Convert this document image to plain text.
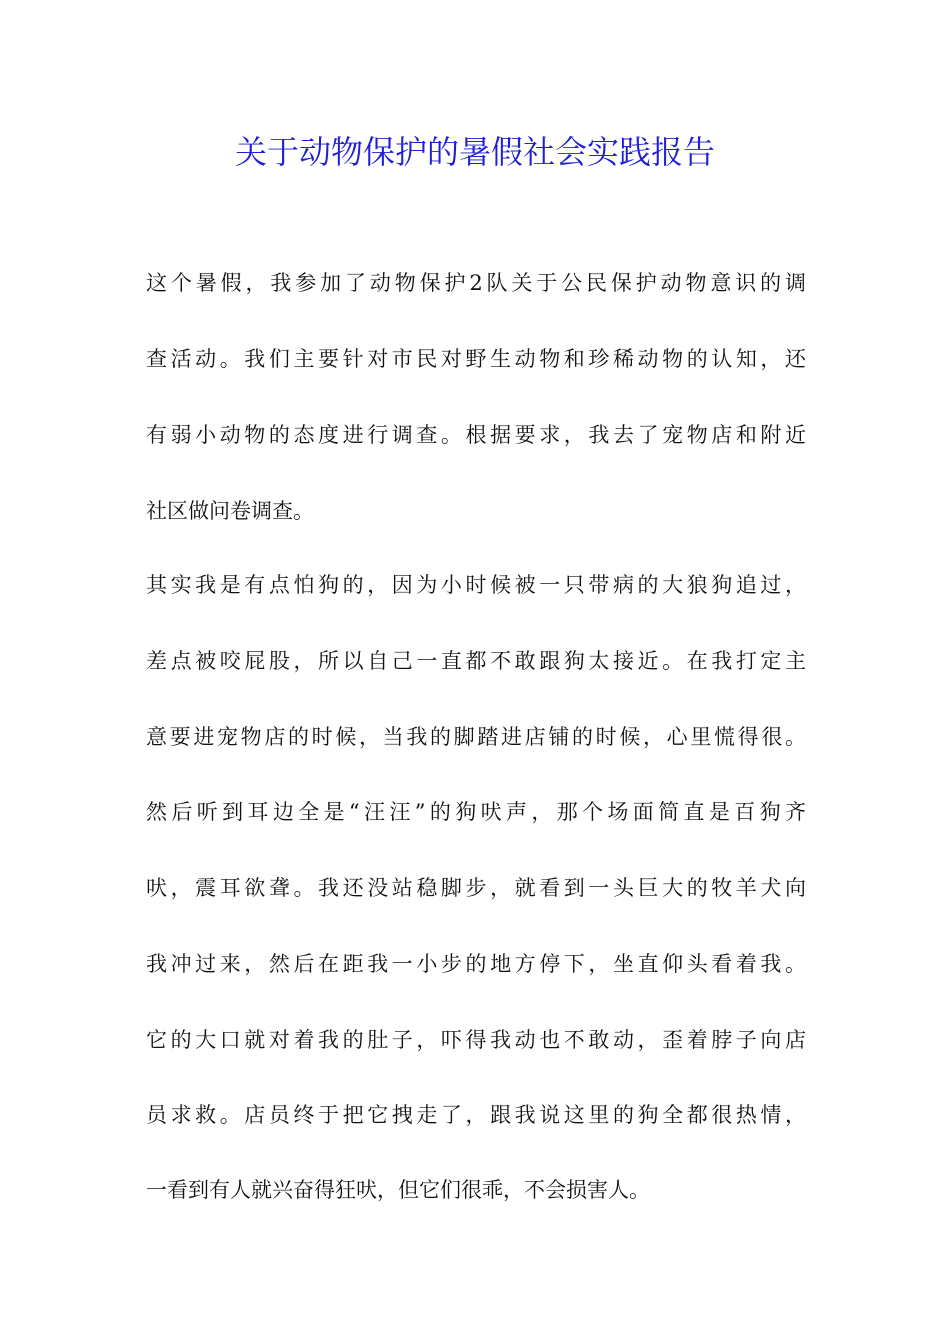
关于动物保护的暑假社会实践报告
这个暑假，我参加了动物保护2队关于公民保护动物意识的调
查活动。我们主要针对市民对野生动物和珍稀动物的认知，还
有弱小动物的态度进行调查。根据要求，我去了宠物店和附近
社区做问卷调查。
其实我是有点怕狗的，因为小时候被一只带病的大狼狗追过，
差点被咬屁股，所以自己一直都不敢跟狗太接近。在我打定主
意要进宠物店的时候，当我的脚踏进店铺的时候，心里慌得很。
然后听到耳边全是“汪汪”的狗吠声，那个场面简直是百狗齐
吠，震耳欲聋。我还没站稳脚步，就看到一头巨大的牧羊犬向
我冲过来，然后在距我一小步的地方停下，坐直仰头看着我。
它的大口就对着我的肚子，吓得我动也不敢动，歪着脖子向店
员求救。店员终于把它拽走了，跟我说这里的狗全都很热情，
一看到有人就兴奋得狂吠，但它们很乖，不会损害人。
